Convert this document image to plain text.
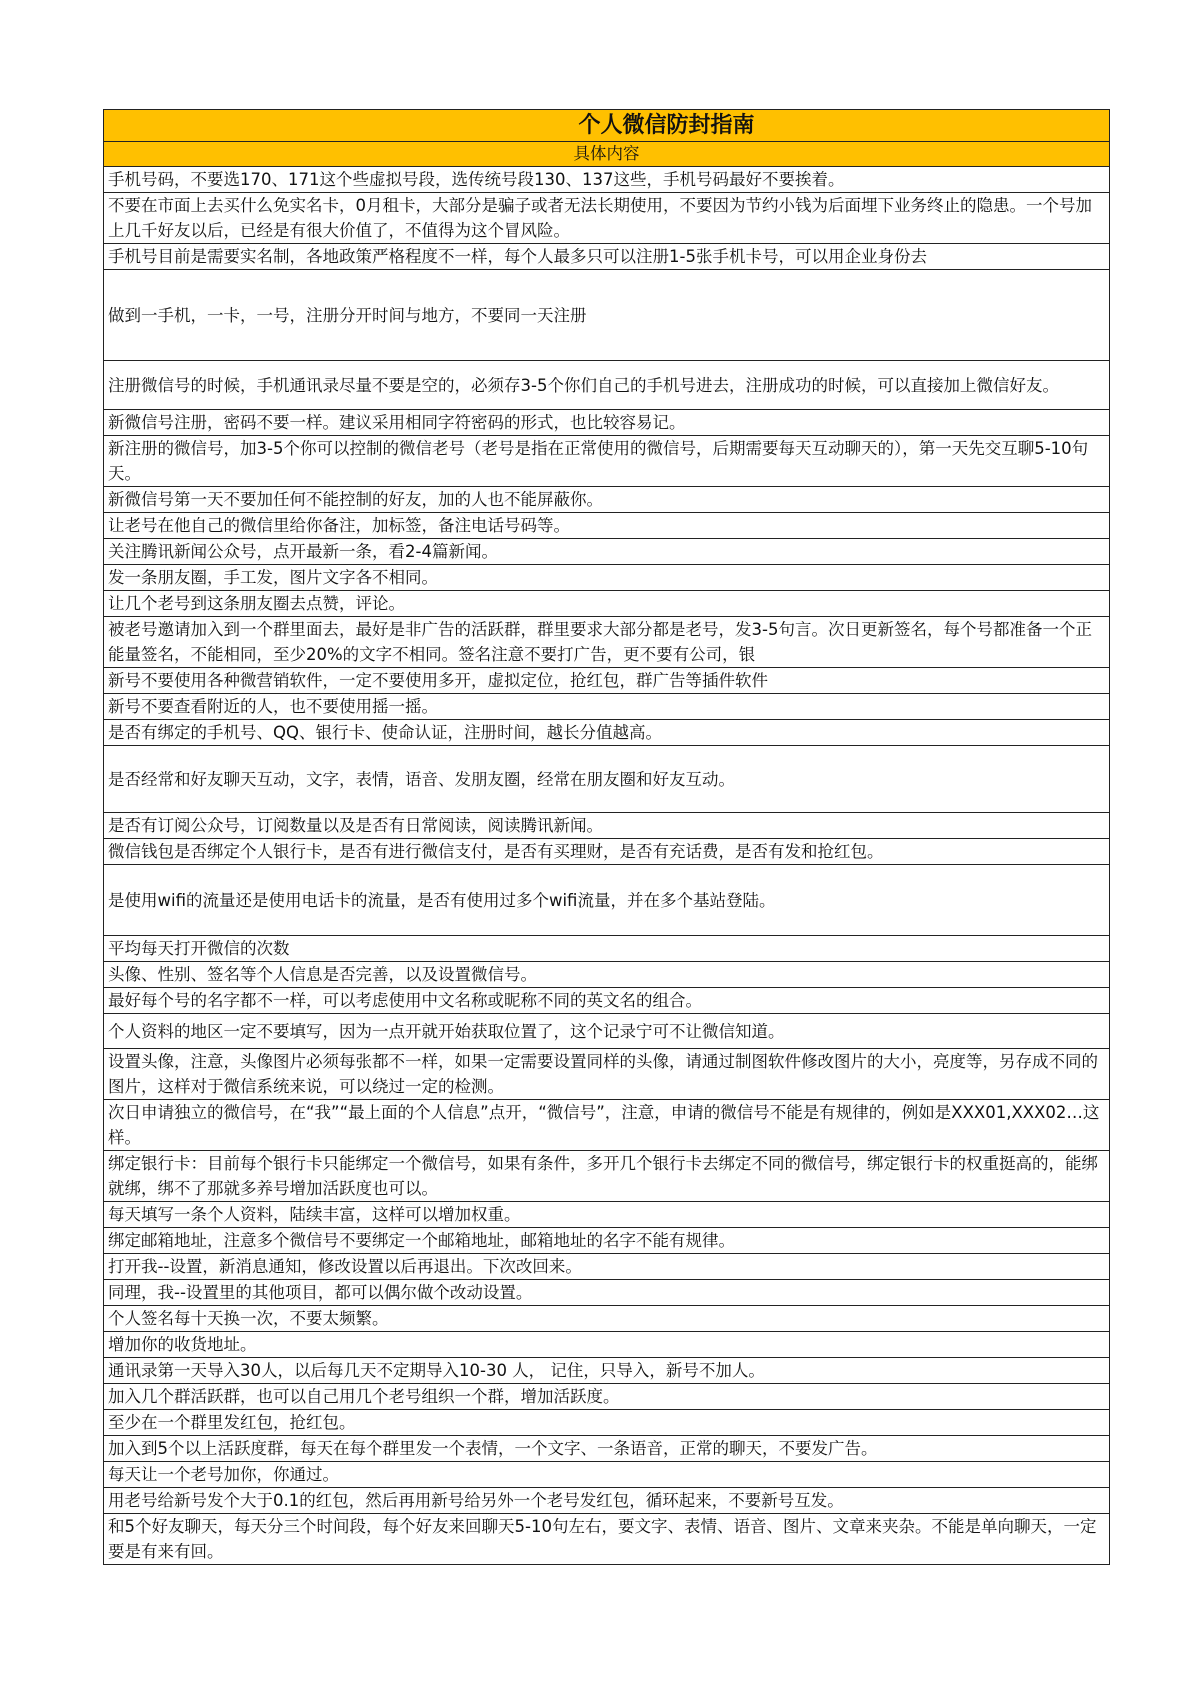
个人微信防封指南
具体内容
手机号码，不要选170、171这个些虚拟号段，选传统号段130、137这些，手机号码最好不要挨着。
不要在市面上去买什么免实名卡，0月租卡，大部分是骗子或者无法长期使用，不要因为节约小钱为后面埋下业务终止的隐患。一个号加上几千好友以后，已经是有很大价值了，不值得为这个冒风险。
手机号目前是需要实名制，各地政策严格程度不一样，每个人最多只可以注册1-5张手机卡号，可以用企业身份去
做到一手机，一卡，一号，注册分开时间与地方，不要同一天注册
注册微信号的时候，手机通讯录尽量不要是空的，必须存3-5个你们自己的手机号进去，注册成功的时候，可以直接加上微信好友。
新微信号注册，密码不要一样。建议采用相同字符密码的形式，也比较容易记。
新注册的微信号，加3-5个你可以控制的微信老号（老号是指在正常使用的微信号，后期需要每天互动聊天的），第一天先交互聊5-10句天。
新微信号第一天不要加任何不能控制的好友，加的人也不能屏蔽你。
让老号在他自己的微信里给你备注，加标签，备注电话号码等。
关注腾讯新闻公众号，点开最新一条，看2-4篇新闻。
发一条朋友圈，手工发，图片文字各不相同。
让几个老号到这条朋友圈去点赞，评论。
被老号邀请加入到一个群里面去，最好是非广告的活跃群，群里要求大部分都是老号，发3-5句言。次日更新签名，每个号都准备一个正能量签名，不能相同，至少20%的文字不相同。签名注意不要打广告，更不要有公司，银
新号不要使用各种微营销软件，一定不要使用多开，虚拟定位，抢红包，群广告等插件软件
新号不要查看附近的人，也不要使用摇一摇。
是否有绑定的手机号、QQ、银行卡、使命认证，注册时间，越长分值越高。
是否经常和好友聊天互动，文字，表情，语音、发朋友圈，经常在朋友圈和好友互动。
是否有订阅公众号，订阅数量以及是否有日常阅读，阅读腾讯新闻。
微信钱包是否绑定个人银行卡，是否有进行微信支付，是否有买理财，是否有充话费，是否有发和抢红包。
是使用wifi的流量还是使用电话卡的流量，是否有使用过多个wifi流量，并在多个基站登陆。
平均每天打开微信的次数
头像、性别、签名等个人信息是否完善，以及设置微信号。
最好每个号的名字都不一样，可以考虑使用中文名称或昵称不同的英文名的组合。
个人资料的地区一定不要填写，因为一点开就开始获取位置了，这个记录宁可不让微信知道。
设置头像，注意，头像图片必须每张都不一样，如果一定需要设置同样的头像，请通过制图软件修改图片的大小，亮度等，另存成不同的图片，这样对于微信系统来说，可以绕过一定的检测。
次日申请独立的微信号，在“我”“最上面的个人信息”点开，“微信号”，注意，申请的微信号不能是有规律的，例如是XXX01,XXX02…这样。
绑定银行卡：目前每个银行卡只能绑定一个微信号，如果有条件，多开几个银行卡去绑定不同的微信号，绑定银行卡的权重挺高的，能绑就绑，绑不了那就多养号增加活跃度也可以。
每天填写一条个人资料，陆续丰富，这样可以增加权重。
绑定邮箱地址，注意多个微信号不要绑定一个邮箱地址，邮箱地址的名字不能有规律。
打开我--设置，新消息通知，修改设置以后再退出。下次改回来。
同理，我--设置里的其他项目，都可以偶尔做个改动设置。
个人签名每十天换一次，不要太频繁。
增加你的收货地址。
通讯录第一天导入30人，以后每几天不定期导入10-30 人， 记住，只导入，新号不加人。
加入几个群活跃群，也可以自己用几个老号组织一个群，增加活跃度。
至少在一个群里发红包，抢红包。
加入到5个以上活跃度群，每天在每个群里发一个表情，一个文字、一条语音，正常的聊天，不要发广告。
每天让一个老号加你，你通过。
用老号给新号发个大于0.1的红包，然后再用新号给另外一个老号发红包，循环起来，不要新号互发。
和5个好友聊天，每天分三个时间段，每个好友来回聊天5-10句左右，要文字、表情、语音、图片、文章来夹杂。不能是单向聊天，一定要是有来有回。
